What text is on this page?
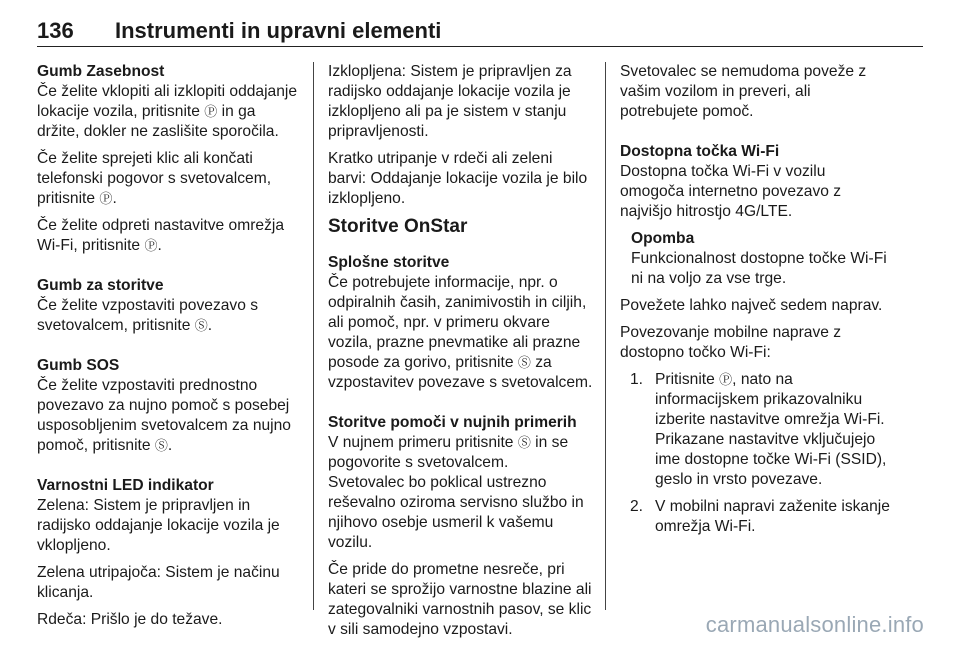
136 Instrumenti in upravni elementi
Gumb Zasebnost
Če želite vklopiti ali izklopiti oddajanje lokacije vozila, pritisnite Ⓟ in ga držite, dokler ne zaslišite sporočila.
Če želite sprejeti klic ali končati telefonski pogovor s svetovalcem, pritisnite Ⓟ.
Če želite odpreti nastavitve omrežja Wi-Fi, pritisnite Ⓟ.
Gumb za storitve
Če želite vzpostaviti povezavo s svetovalcem, pritisnite Ⓢ.
Gumb SOS
Če želite vzpostaviti prednostno povezavo za nujno pomoč s posebej usposobljenim svetovalcem za nujno pomoč, pritisnite Ⓢ.
Varnostni LED indikator
Zelena: Sistem je pripravljen in radijsko oddajanje lokacije vozila je vklopljeno.
Zelena utripajoča: Sistem je načinu klicanja.
Rdeča: Prišlo je do težave.
Izklopljena: Sistem je pripravljen za radijsko oddajanje lokacije vozila je izklopljeno ali pa je sistem v stanju pripravljenosti.
Kratko utripanje v rdeči ali zeleni barvi: Oddajanje lokacije vozila je bilo izklopljeno.
Storitve OnStar
Splošne storitve
Če potrebujete informacije, npr. o odpiralnih časih, zanimivostih in ciljih, ali pomoč, npr. v primeru okvare vozila, prazne pnevmatike ali prazne posode za gorivo, pritisnite Ⓢ za vzpostavitev povezave s svetovalcem.
Storitve pomoči v nujnih primerih
V nujnem primeru pritisnite Ⓢ in se pogovorite s svetovalcem.
Svetovalec bo poklical ustrezno reševalno oziroma servisno službo in njihovo osebje usmeril k vašemu vozilu.
Če pride do prometne nesreče, pri kateri se sprožijo varnostne blazine ali zategovalniki varnostnih pasov, se klic v sili samodejno vzpostavi.
Svetovalec se nemudoma poveže z vašim vozilom in preveri, ali potrebujete pomoč.
Dostopna točka Wi-Fi
Dostopna točka Wi-Fi v vozilu omogoča internetno povezavo z najvišjo hitrostjo 4G/LTE.
Opomba
Funkcionalnost dostopne točke Wi-Fi ni na voljo za vse trge.
Povežete lahko največ sedem naprav.
Povezovanje mobilne naprave z dostopno točko Wi-Fi:
1. Pritisnite Ⓟ, nato na informacijskem prikazovalniku izberite nastavitve omrežja Wi-Fi. Prikazane nastavitve vključujejo ime dostopne točke Wi-Fi (SSID), geslo in vrsto povezave.
2. V mobilni napravi zaženite iskanje omrežja Wi-Fi.
carmanualsonline.info
